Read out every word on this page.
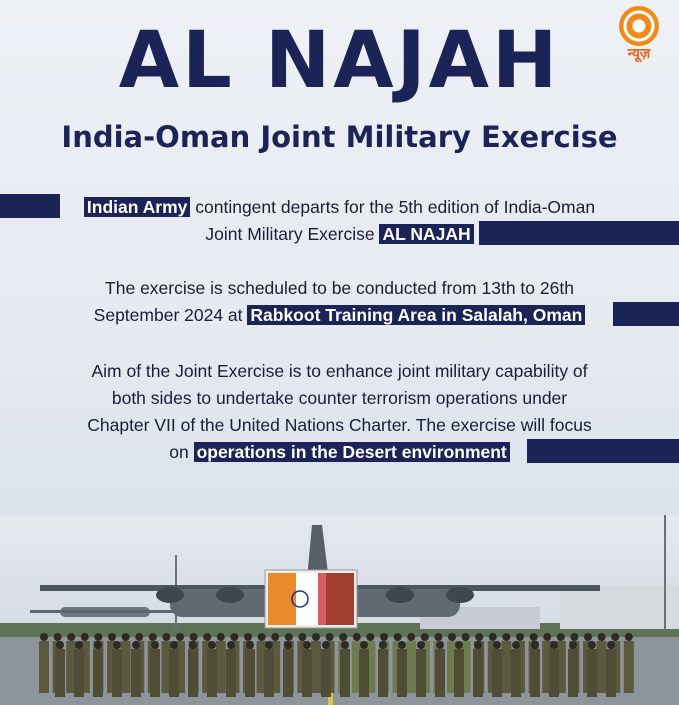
न्यूज़
AL NAJAH
India-Oman Joint Military Exercise
Indian Army contingent departs for the 5th edition of India-Oman
Joint Military Exercise AL NAJAH
The exercise is scheduled to be conducted from 13th to 26th
September 2024 at Rabkoot Training Area in Salalah, Oman
Aim of the Joint Exercise is to enhance joint military capability of
both sides to undertake counter terrorism operations under
Chapter VII of the United Nations Charter. The exercise will focus
on operations in the Desert environment
